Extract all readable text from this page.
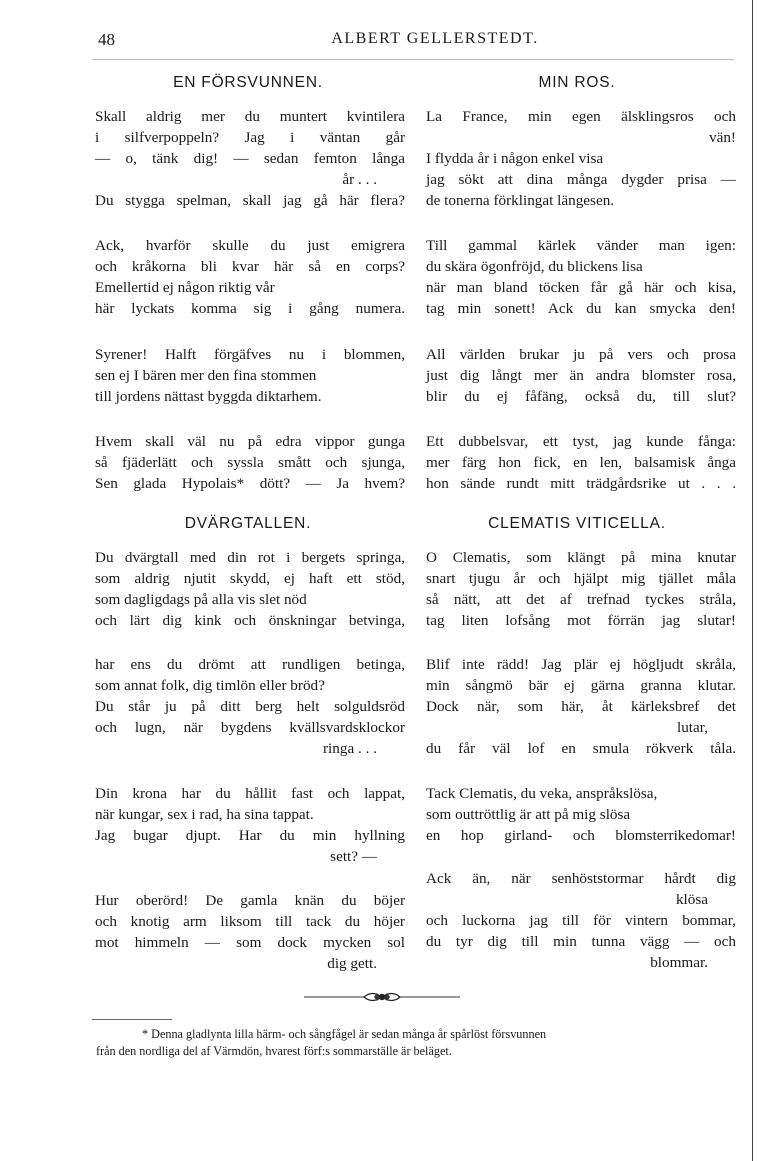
48	ALBERT GELLERSTEDT.
EN FÖRSVUNNEN.
Skall aldrig mer du muntert kvintilera
i silfverpoppeln? Jag i väntan går
— o, tänk dig! — sedan femton långa
år . . .
Du stygga spelman, skall jag gå här flera?
Ack, hvarför skulle du just emigrera
och kråkorna bli kvar här så en corps?
Emellertid ej någon riktig vår
här lyckats komma sig i gång numera.
Syrener! Halft förgäfves nu i blommen,
sen ej I bären mer den fina stommen
till jordens nättast byggda diktarhem.
Hvem skall väl nu på edra vippor gunga
så fjäderlätt och syssla smått och sjunga,
Sen glada Hypolais* dött? — Ja hvem?
MIN ROS.
La France, min egen älsklingsros och
vän!
I flydda år i någon enkel visa
jag sökt att dina många dygder prisa —
de tonerna förklingat längesen.
Till gammal kärlek vänder man igen:
du skära ögonfröjd, du blickens lisa
när man bland töcken får gå här och kisa,
tag min sonett! Ack du kan smycka den!
All världen brukar ju på vers och prosa
just dig långt mer än andra blomster rosa,
blir du ej fåfäng, också du, till slut?
Ett dubbelsvar, ett tyst, jag kunde fånga:
mer färg hon fick, en len, balsamisk ånga
hon sände rundt mitt trädgårdsrike ut . . .
DVÄRGTALLEN.
Du dvärgtall med din rot i bergets springa,
som aldrig njutit skydd, ej haft ett stöd,
som dagligdags på alla vis slet nöd
och lärt dig kink och önskningar betvinga,
har ens du drömt att rundligen betinga,
som annat folk, dig timlön eller bröd?
Du står ju på ditt berg helt solguldsröd
och lugn, när bygdens kvällsvardsklockor
ringa . . .
Din krona har du hållit fast och lappat,
när kungar, sex i rad, ha sina tappat.
Jag bugar djupt. Har du min hyllning
sett? —
Hur oberörd! De gamla knän du böjer
och knotig arm liksom till tack du höjer
mot himmeln — som dock mycken sol
dig gett.
CLEMATIS VITICELLA.
O Clematis, som klängt på mina knutar
snart tjugu år och hjälpt mig tjället måla
så nätt, att det af trefnad tyckes stråla,
tag liten lofsång mot förrän jag slutar!
Blif inte rädd! Jag plär ej högljudt skråla,
min sångmö bär ej gärna granna klutar.
Dock när, som här, åt kärleksbref det
lutar,
du får väl lof en smula rökverk tåla.
Tack Clematis, du veka, anspråkslösa,
som outtröttlig är att på mig slösa
en hop girland- och blomsterrikedomar!
Ack än, när senhöststormar hårdt dig
klösa
och luckorna jag till för vintern bommar,
du tyr dig till min tunna vägg — och
blommar.
* Denna gladlynta lilla härm- och sångfågel är sedan många år spårlöst försvunnen
från den nordliga del af Värmdön, hvarest förf:s sommarställe är beläget.
